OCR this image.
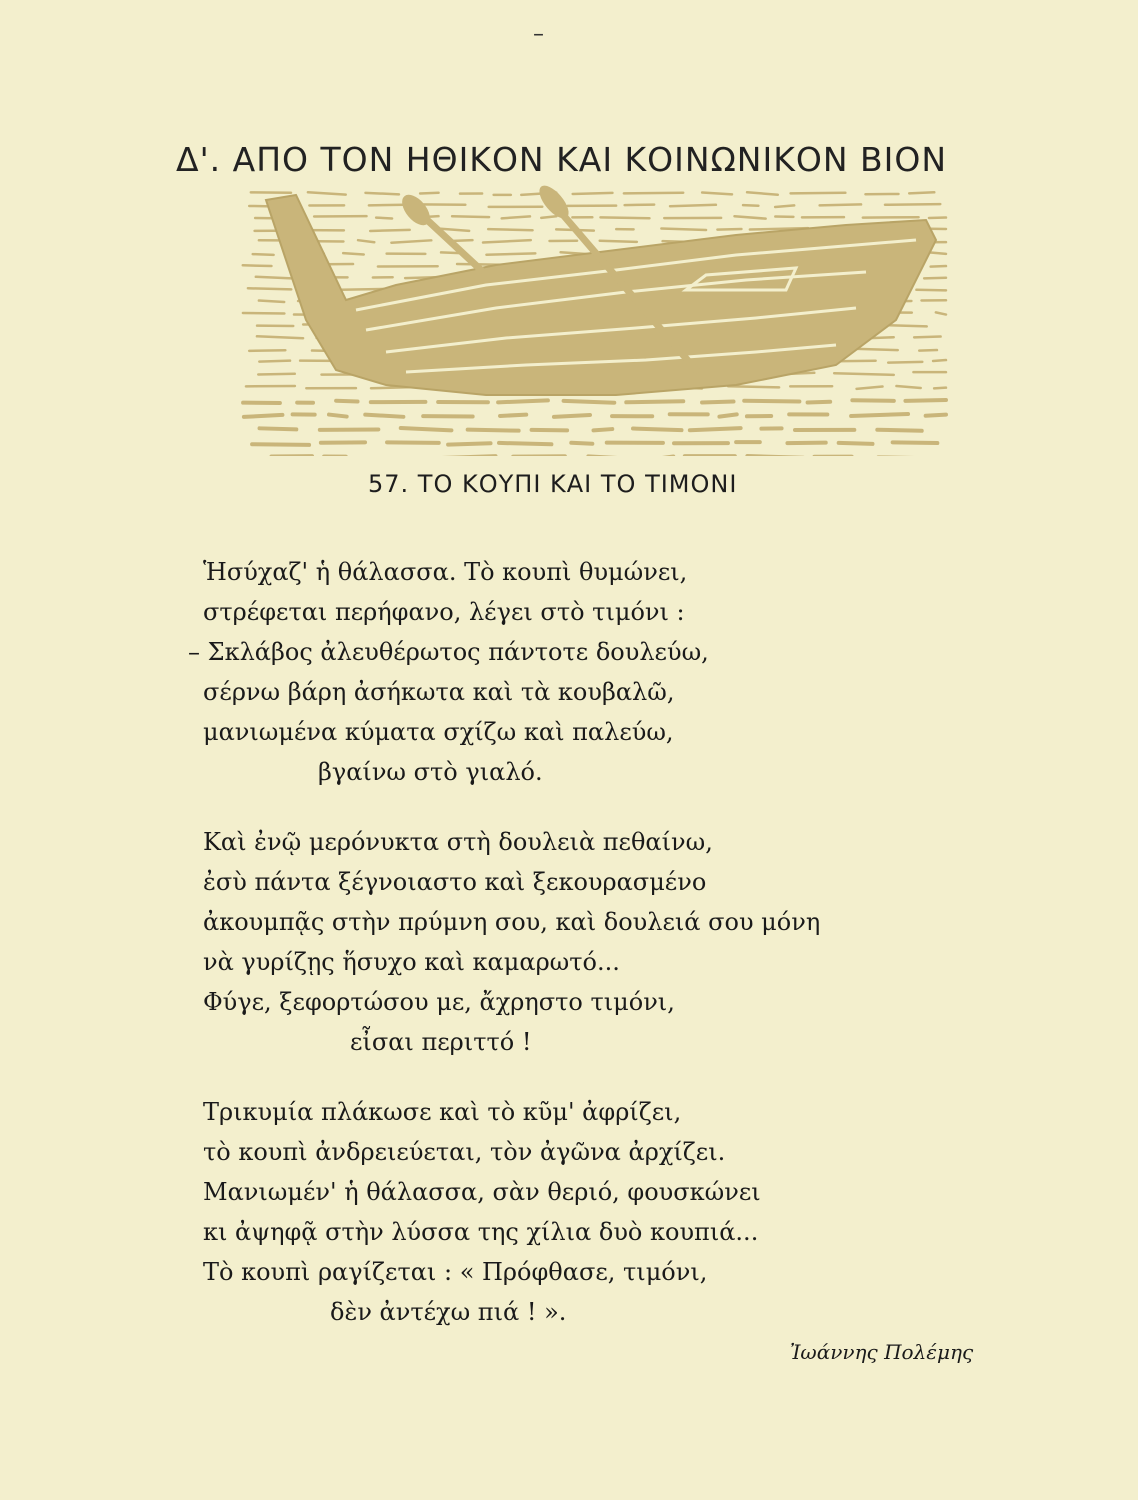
–
Δ'. ΑΠΟ ΤΟΝ ΗΘΙΚΟΝ ΚΑΙ ΚΟΙΝΩΝΙΚΟΝ ΒΙΟΝ
57. ΤΟ ΚΟΥΠΙ ΚΑΙ ΤΟ ΤΙΜΟΝΙ
Ἡσύχαζ' ἡ θάλασσα. Τὸ κουπὶ θυμώνει,
στρέφεται περήφανο, λέγει στὸ τιμόνι :
– Σκλάβος ἀλευθέρωτος πάντοτε δουλεύω,
σέρνω βάρη ἀσήκωτα καὶ τὰ κουβαλῶ,
μανιωμένα κύματα σχίζω καὶ παλεύω,
βγαίνω στὸ γιαλό.
Καὶ ἐνῷ μερόνυκτα στὴ δουλειὰ πεθαίνω,
ἐσὺ πάντα ξέγνοιαστο καὶ ξεκουρασμένο
ἀκουμπᾷς στὴν πρύμνη σου, καὶ δουλειά σου μόνη
νὰ γυρίζῃς ἥσυχο καὶ καμαρωτό...
Φύγε, ξεφορτώσου με, ἄχρηστο τιμόνι,
εἶσαι περιττό !
Τρικυμία πλάκωσε καὶ τὸ κῦμ' ἀφρίζει,
τὸ κουπὶ ἀνδρειεύεται, τὸν ἀγῶνα ἀρχίζει.
Μανιωμέν' ἡ θάλασσα, σὰν θεριό, φουσκώνει
κι ἀψηφᾷ στὴν λύσσα της χίλια δυὸ κουπιά...
Τὸ κουπὶ ραγίζεται : « Πρόφθασε, τιμόνι,
δὲν ἀντέχω πιά ! ».
Ἰωάννης Πολέμης
